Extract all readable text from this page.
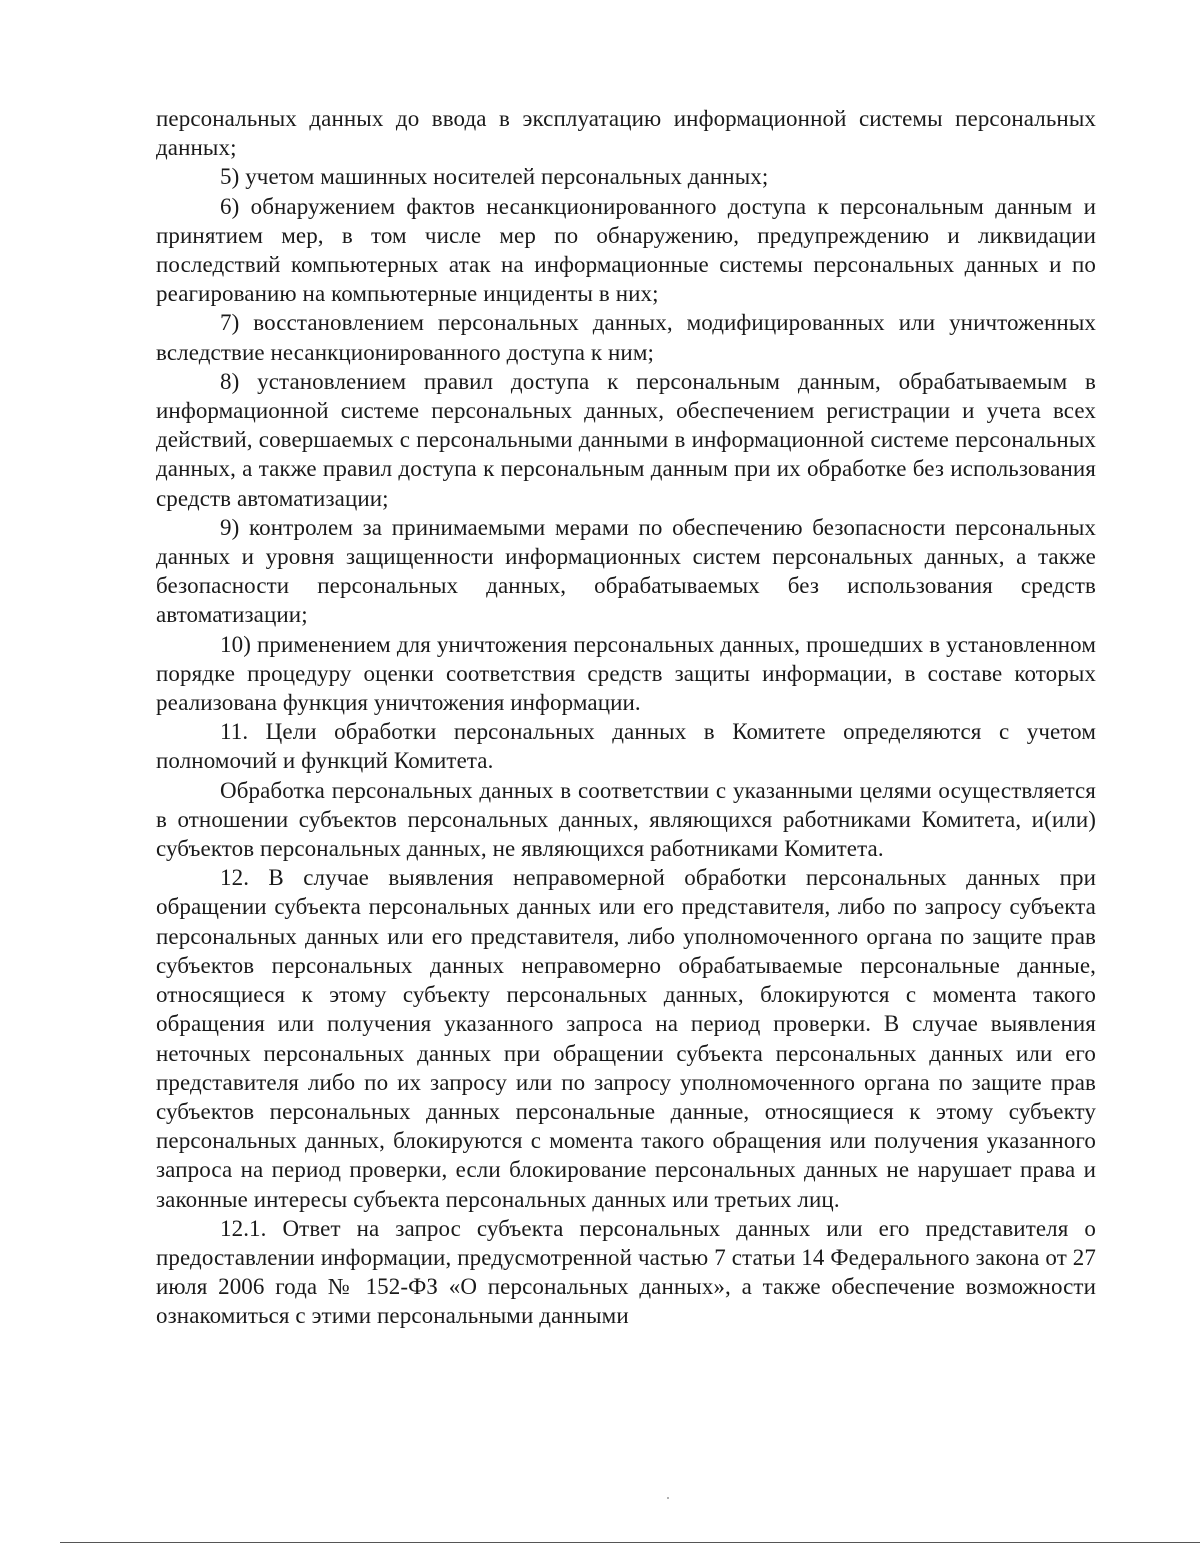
персональных данных до ввода в эксплуатацию информационной системы персональных данных;

5) учетом машинных носителей персональных данных;

6) обнаружением фактов несанкционированного доступа к персональным данным и принятием мер, в том числе мер по обнаружению, предупреждению и ликвидации последствий компьютерных атак на информационные системы персональных данных и по реагированию на компьютерные инциденты в них;

7) восстановлением персональных данных, модифицированных или уничтоженных вследствие несанкционированного доступа к ним;

8) установлением правил доступа к персональным данным, обрабатываемым в информационной системе персональных данных, обеспечением регистрации и учета всех действий, совершаемых с персональными данными в информационной системе персональных данных, а также правил доступа к персональным данным при их обработке без использования средств автоматизации;

9) контролем за принимаемыми мерами по обеспечению безопасности персональных данных и уровня защищенности информационных систем персональных данных, а также безопасности персональных данных, обрабатываемых без использования средств автоматизации;

10) применением для уничтожения персональных данных, прошедших в установленном порядке процедуру оценки соответствия средств защиты информации, в составе которых реализована функция уничтожения информации.

11. Цели обработки персональных данных в Комитете определяются с учетом полномочий и функций Комитета.

Обработка персональных данных в соответствии с указанными целями осуществляется в отношении субъектов персональных данных, являющихся работниками Комитета, и(или) субъектов персональных данных, не являющихся работниками Комитета.

12. В случае выявления неправомерной обработки персональных данных при обращении субъекта персональных данных или его представителя, либо по запросу субъекта персональных данных или его представителя, либо уполномоченного органа по защите прав субъектов персональных данных неправомерно обрабатываемые персональные данные, относящиеся к этому субъекту персональных данных, блокируются с момента такого обращения или получения указанного запроса на период проверки. В случае выявления неточных персональных данных при обращении субъекта персональных данных или его представителя либо по их запросу или по запросу уполномоченного органа по защите прав субъектов персональных данных персональные данные, относящиеся к этому субъекту персональных данных, блокируются с момента такого обращения или получения указанного запроса на период проверки, если блокирование персональных данных не нарушает права и законные интересы субъекта персональных данных или третьих лиц.

12.1. Ответ на запрос субъекта персональных данных или его представителя о предоставлении информации, предусмотренной частью 7 статьи 14 Федерального закона от 27 июля 2006 года № 152-ФЗ «О персональных данных», а также обеспечение возможности ознакомиться с этими персональными данными
